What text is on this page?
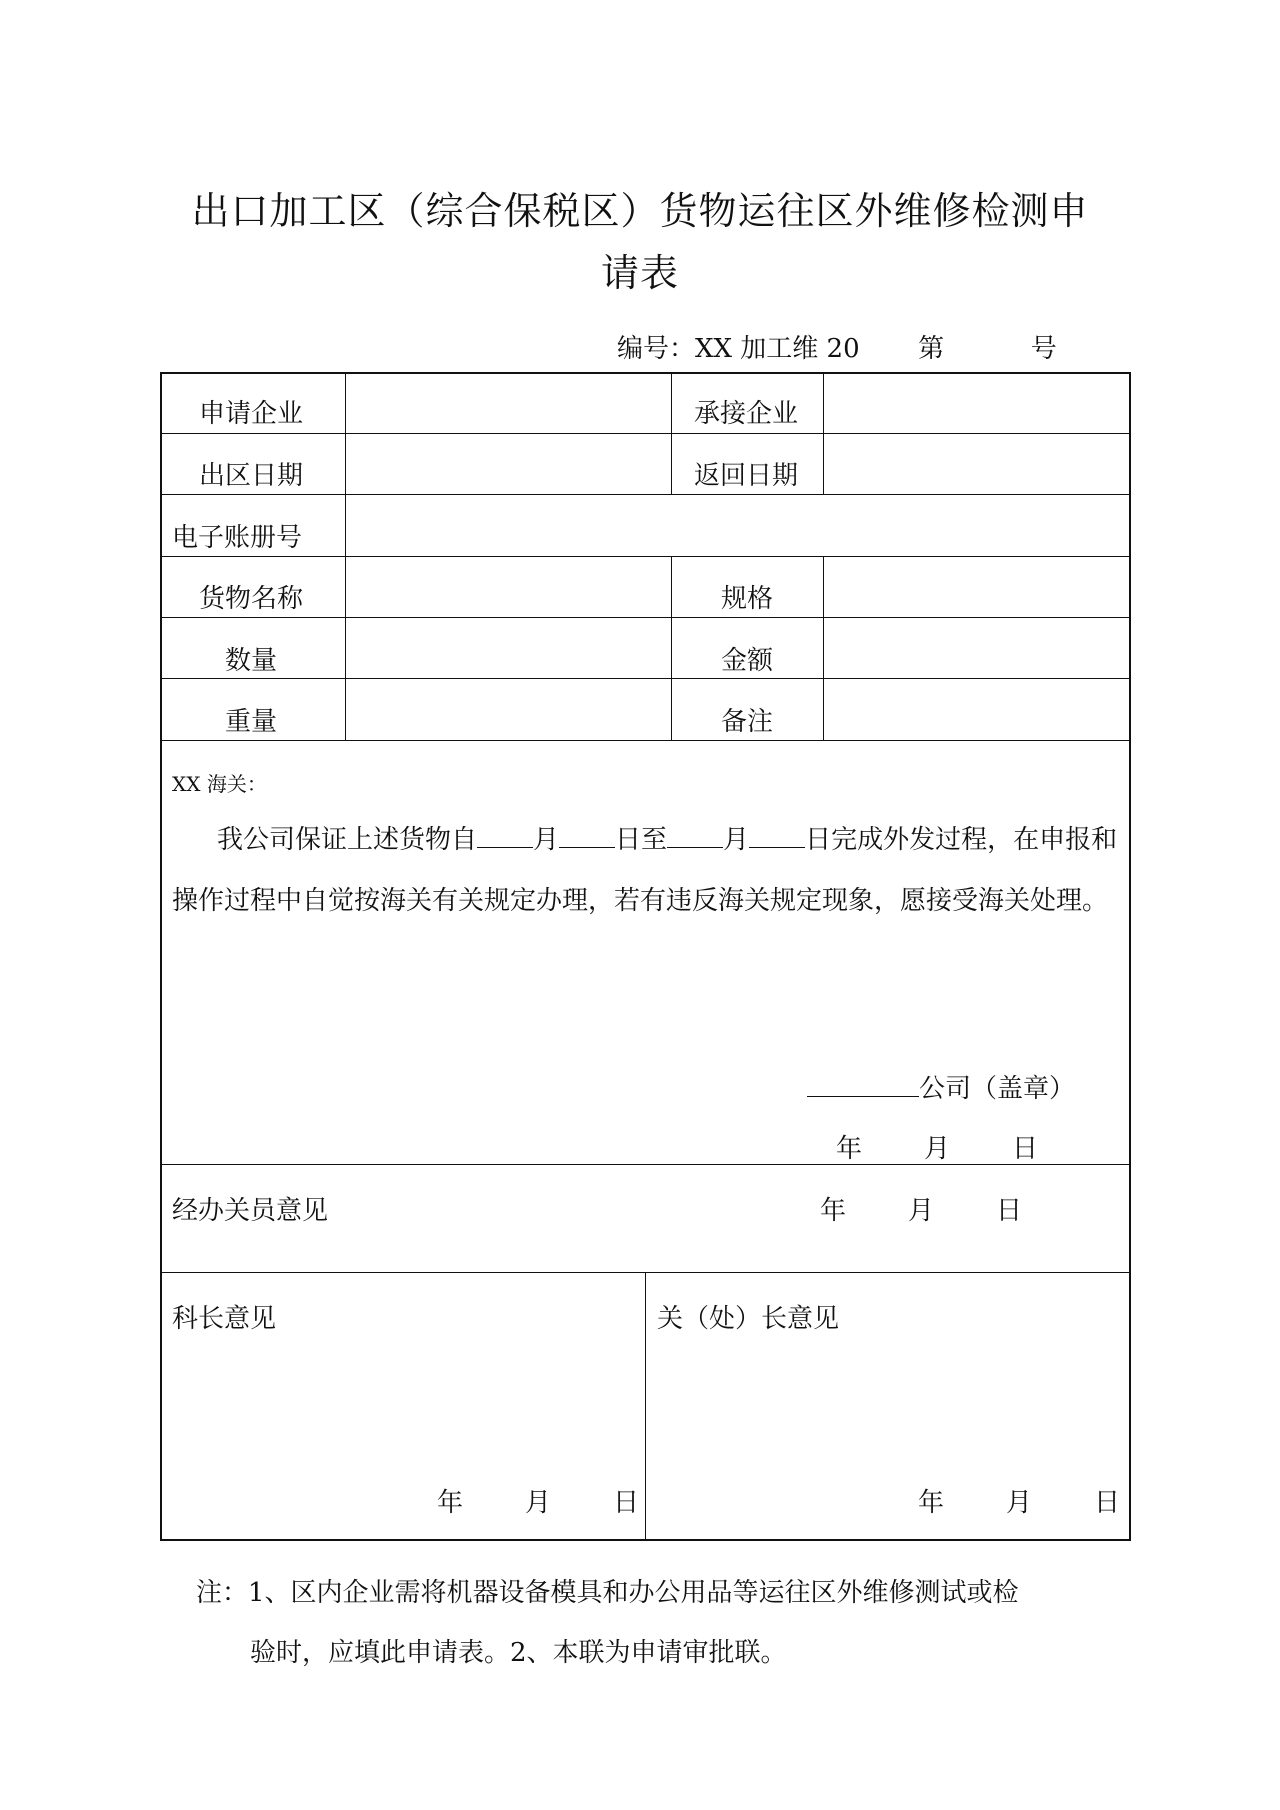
出口加工区（综合保税区）货物运往区外维修检测申
请表
编号：XX 加工维 20 第	号
申请企业	承接企业
出区日期	返回日期
电子账册号
货物名称	规格
数量	金额
重量	备注
XX 海关：
我公司保证上述货物自 月 日至 月 日完成外发过程，在申报和操作过程中自觉按海关有关规定办理，若有违反海关规定现象，愿接受海关处理。
公司（盖章）
年 月 日
经办关员意见	年 月 日
科长意见	关（处）长意见
年 月 日	年 月 日
注：1、区内企业需将机器设备模具和办公用品等运往区外维修测试或检
验时，应填此申请表。2、本联为申请审批联。
